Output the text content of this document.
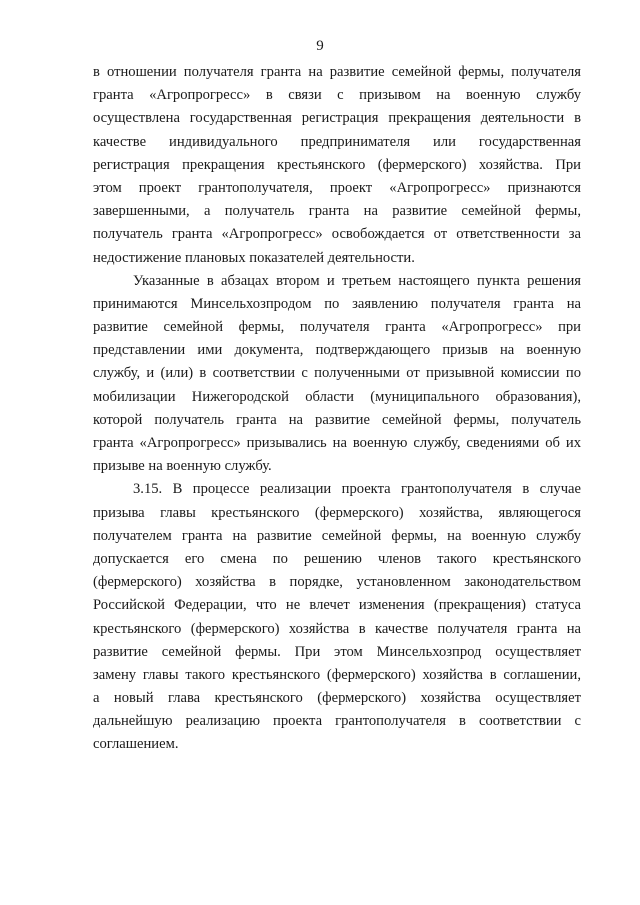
9
в отношении получателя гранта на развитие семейной фермы, получателя
гранта «Агропрогресс» в связи с призывом на военную службу
осуществлена государственная регистрация прекращения деятельности в
качестве индивидуального предпринимателя или государственная
регистрация прекращения крестьянского (фермерского) хозяйства. При
этом проект грантополучателя, проект «Агропрогресс» признаются
завершенными, а получатель гранта на развитие семейной фермы,
получатель гранта «Агропрогресс» освобождается от ответственности за
недостижение плановых показателей деятельности.
Указанные в абзацах втором и третьем настоящего пункта решения
принимаются Минсельхозпродом по заявлению получателя гранта на
развитие семейной фермы, получателя гранта «Агропрогресс» при
представлении ими документа, подтверждающего призыв на военную
службу, и (или) в соответствии с полученными от призывной комиссии по
мобилизации Нижегородской области (муниципального образования),
которой получатель гранта на развитие семейной фермы, получатель
гранта «Агропрогресс» призывались на военную службу, сведениями об их
призыве на военную службу.
3.15. В процессе реализации проекта грантополучателя в случае
призыва главы крестьянского (фермерского) хозяйства, являющегося
получателем гранта на развитие семейной фермы, на военную службу
допускается его смена по решению членов такого крестьянского
(фермерского) хозяйства в порядке, установленном законодательством
Российской Федерации, что не влечет изменения (прекращения) статуса
крестьянского (фермерского) хозяйства в качестве получателя гранта на
развитие семейной фермы. При этом Минсельхозпрод осуществляет
замену главы такого крестьянского (фермерского) хозяйства в соглашении,
а новый глава крестьянского (фермерского) хозяйства осуществляет
дальнейшую реализацию проекта грантополучателя в соответствии с
соглашением.
